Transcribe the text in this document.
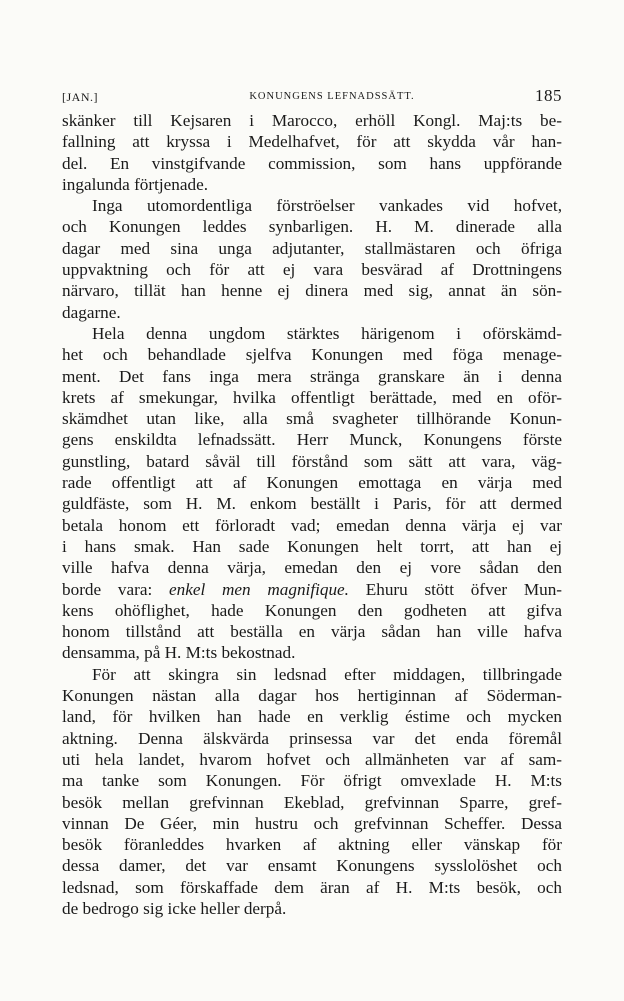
[JAN.]	KONUNGENS LEFNADSSÄTT.	185

skänker till Kejsaren i Marocco, erhöll Kongl. Maj:ts be-

fallning att kryssa i Medelhafvet, för att skydda vår han-

del. En vinstgifvande commission, som hans uppförande

ingalunda förtjenade.

Inga utomordentliga förströelser vankades vid hofvet,

och Konungen leddes synbarligen. H. M. dinerade alla

dagar med sina unga adjutanter, stallmästaren och öfriga

uppvaktning och för att ej vara besvärad af Drottningens

närvaro, tillät han henne ej dinera med sig, annat än sön-

dagarne.

Hela denna ungdom stärktes härigenom i oförskämd-

het och behandlade sjelfva Konungen med föga menage-

ment. Det fans inga mera stränga granskare än i denna

krets af smekungar, hvilka offentligt berättade, med en oför-

skämdhet utan like, alla små svagheter tillhörande Konun-

gens enskildta lefnadssätt. Herr Munck, Konungens förste

gunstling, batard såväl till förstånd som sätt att vara, väg-

rade offentligt att af Konungen emottaga en värja med

guldfäste, som H. M. enkom beställt i Paris, för att dermed

betala honom ett förloradt vad; emedan denna värja ej var

i hans smak. Han sade Konungen helt torrt, att han ej

ville hafva denna värja, emedan den ej vore sådan den

borde vara: enkel men magnifique. Ehuru stött öfver Mun-

kens ohöflighet, hade Konungen den godheten att gifva

honom tillstånd att beställa en värja sådan han ville hafva

densamma, på H. M:ts bekostnad.

För att skingra sin ledsnad efter middagen, tillbringade

Konungen nästan alla dagar hos hertiginnan af Söderman-

land, för hvilken han hade en verklig éstime och mycken

aktning. Denna älskvärda prinsessa var det enda föremål

uti hela landet, hvarom hofvet och allmänheten var af sam-

ma tanke som Konungen. För öfrigt omvexlade H. M:ts

besök mellan grefvinnan Ekeblad, grefvinnan Sparre, gref-

vinnan De Géer, min hustru och grefvinnan Scheffer. Dessa

besök föranleddes hvarken af aktning eller vänskap för

dessa damer, det var ensamt Konungens sysslolöshet och

ledsnad, som förskaffade dem äran af H. M:ts besök, och

de bedrogo sig icke heller derpå.
